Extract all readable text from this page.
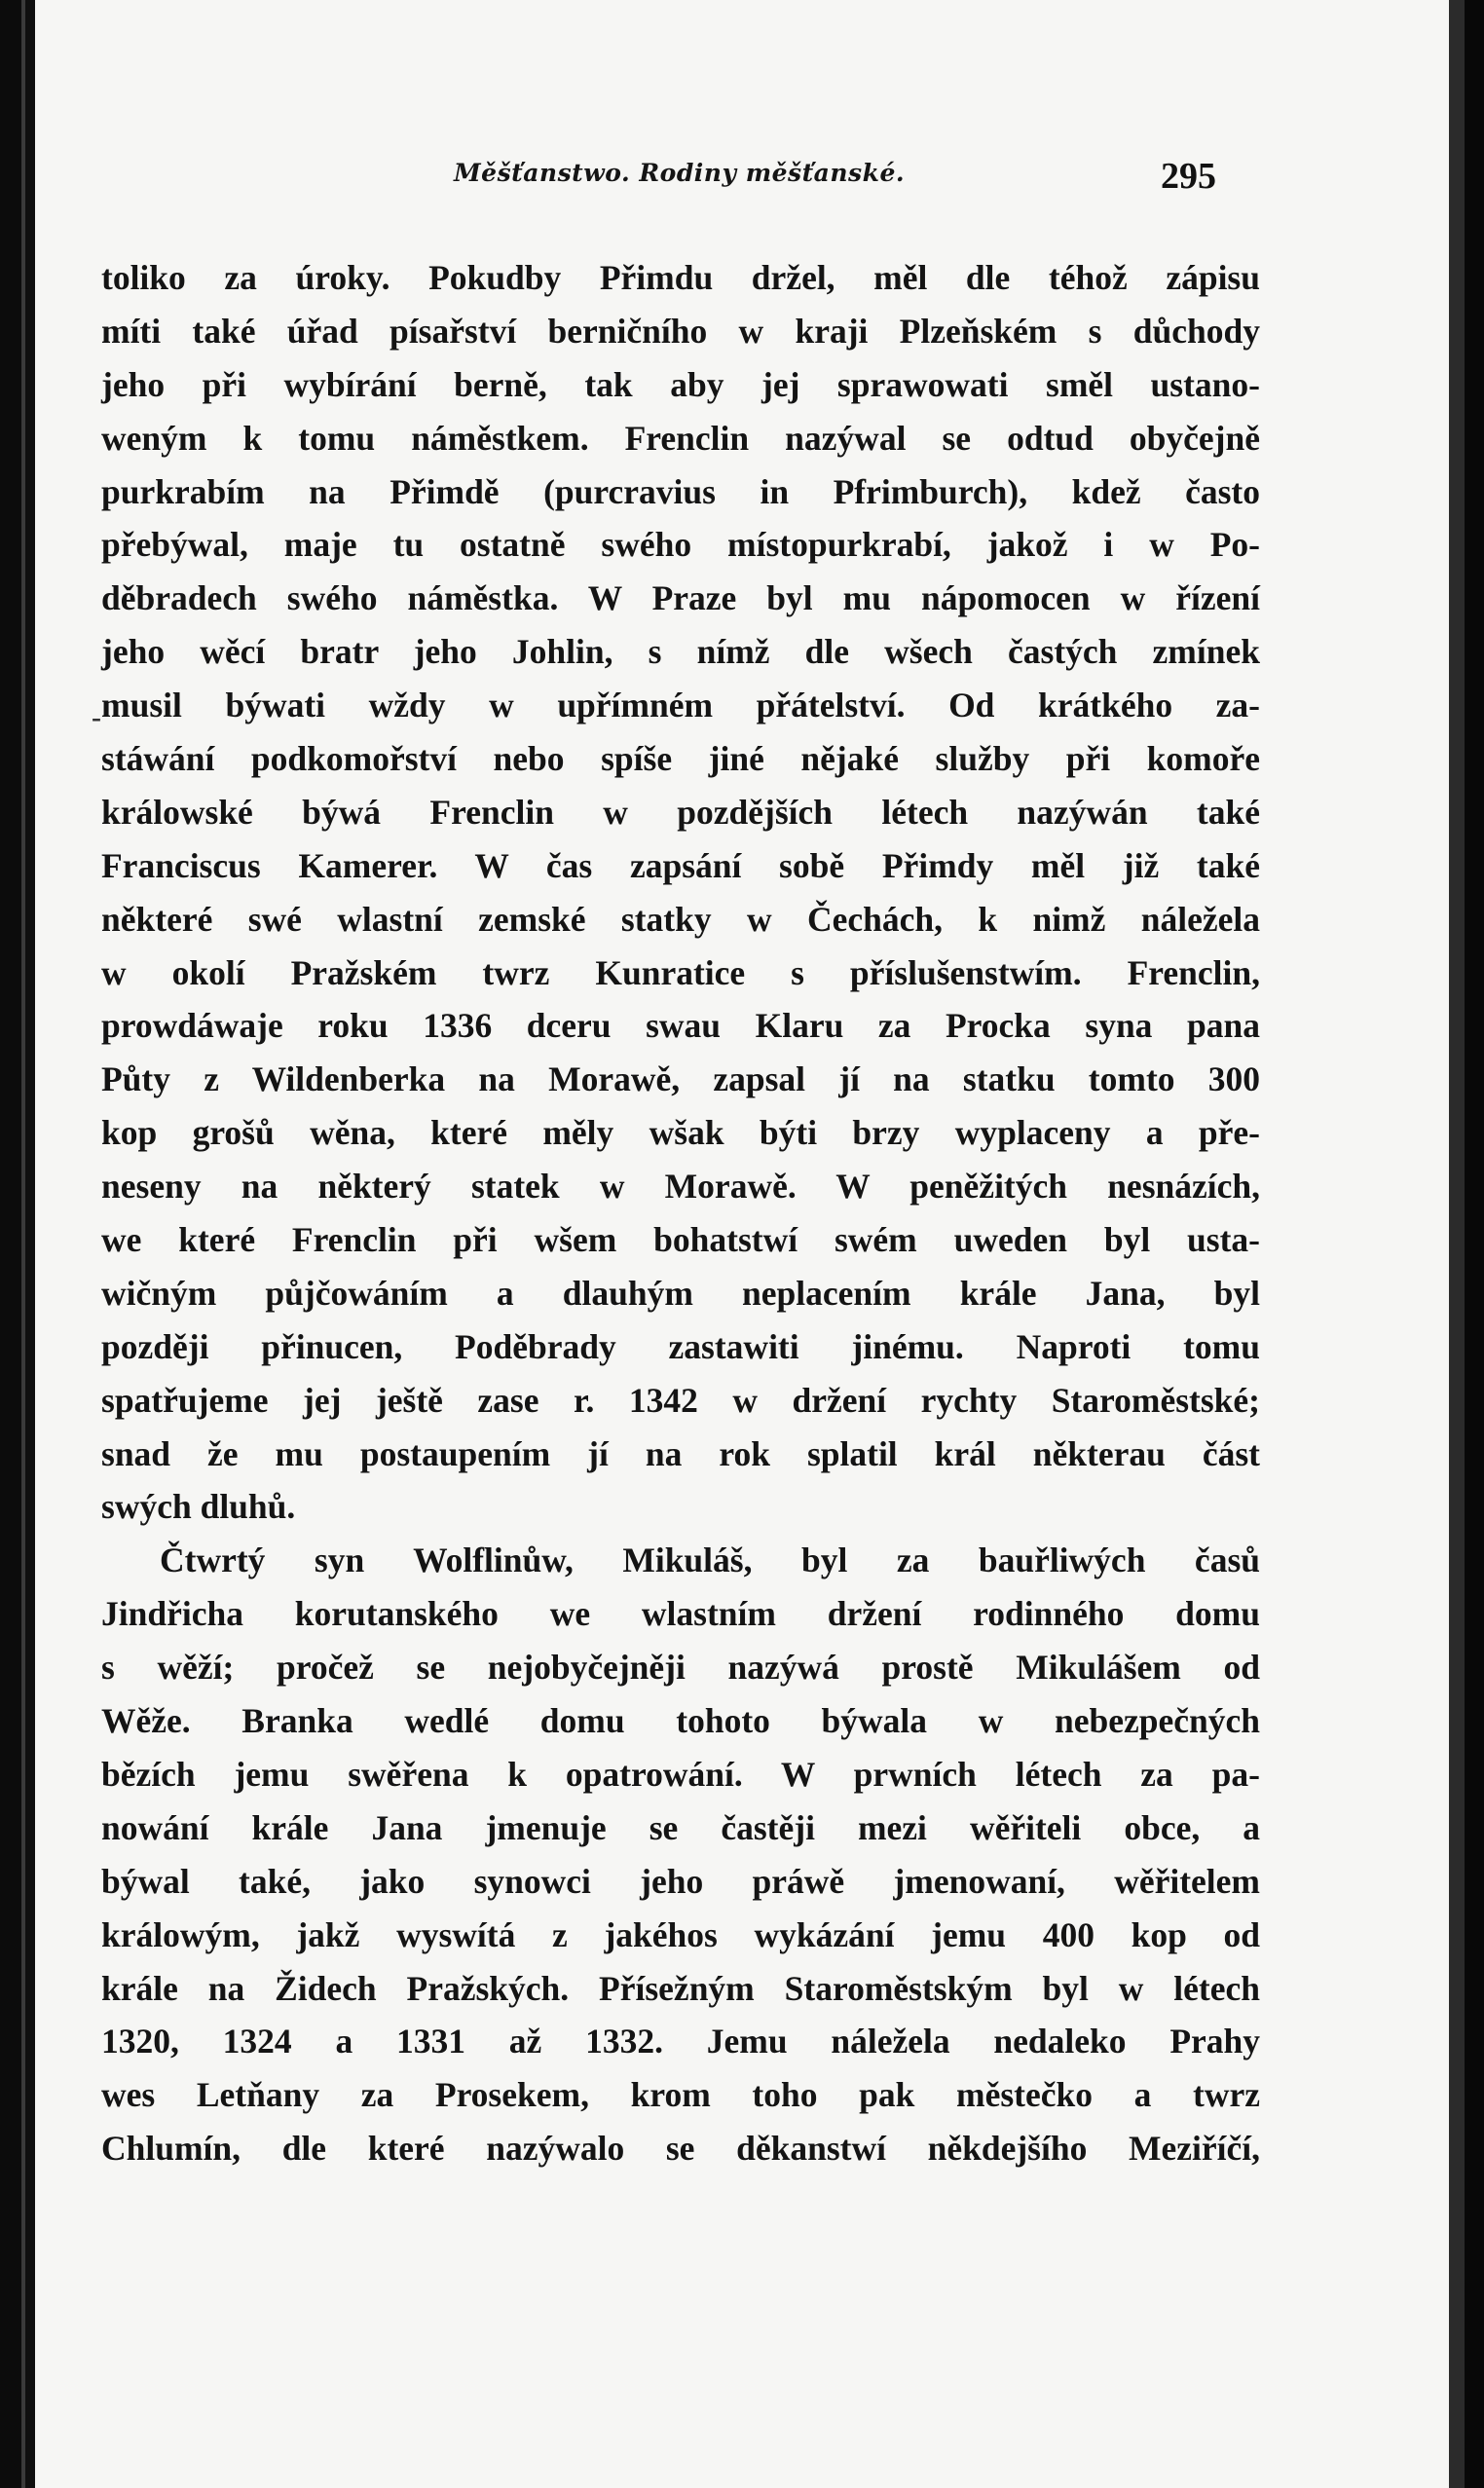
Měšťanstwo. Rodiny měšťanské.	295
-
toliko za úroky. Pokudby Přimdu držel, měl dle téhož zápisu
míti také úřad písařství berničního w kraji Plzeňském s důchody
jeho při wybírání berně, tak aby jej sprawowati směl ustano-
weným k tomu náměstkem. Frenclin nazýwal se odtud obyčejně
purkrabím na Přimdě (purcravius in Pfrimburch), kdež často
přebýwal, maje tu ostatně swého místopurkrabí, jakož i w Po-
děbradech swého náměstka. W Praze byl mu nápomocen w řízení
jeho wěcí bratr jeho Johlin, s nímž dle wšech častých zmínek
musil býwati wždy w upřímném přátelství. Od krátkého za-
stáwání podkomořství nebo spíše jiné nějaké služby při komoře
králowské býwá Frenclin w pozdějších létech nazýwán také
Franciscus Kamerer. W čas zapsání sobě Přimdy měl již také
některé swé wlastní zemské statky w Čechách, k nimž náležela
w okolí Pražském twrz Kunratice s příslušenstwím. Frenclin,
prowdáwaje roku 1336 dceru swau Klaru za Procka syna pana
Půty z Wildenberka na Morawě, zapsal jí na statku tomto 300
kop grošů wěna, které měly wšak býti brzy wyplaceny a pře-
neseny na některý statek w Morawě. W peněžitých nesnázích,
we které Frenclin při wšem bohatstwí swém uweden byl usta-
wičným půjčowáním a dlauhým neplacením krále Jana, byl
později přinucen, Poděbrady zastawiti jinému. Naproti tomu
spatřujeme jej ještě zase r. 1342 w držení rychty Staroměstské;
snad že mu postaupením jí na rok splatil král některau část
swých dluhů.
Čtwrtý syn Wolflinůw, Mikuláš, byl za bauřliwých časů
Jindřicha korutanského we wlastním držení rodinného domu
s wěží; pročež se nejobyčejněji nazýwá prostě Mikulášem od
Wěže. Branka wedlé domu tohoto býwala w nebezpečných
bězích jemu swěřena k opatrowání. W prwních létech za pa-
nowání krále Jana jmenuje se častěji mezi wěřiteli obce, a
býwal také, jako synowci jeho práwě jmenowaní, wěřitelem
králowým, jakž wyswítá z jakéhos wykázání jemu 400 kop od
krále na Židech Pražských. Přísežným Staroměstským byl w létech
1320, 1324 a 1331 až 1332. Jemu náležela nedaleko Prahy
wes Letňany za Prosekem, krom toho pak městečko a twrz
Chlumín, dle které nazýwalo se děkanstwí někdejšího Meziříčí,
